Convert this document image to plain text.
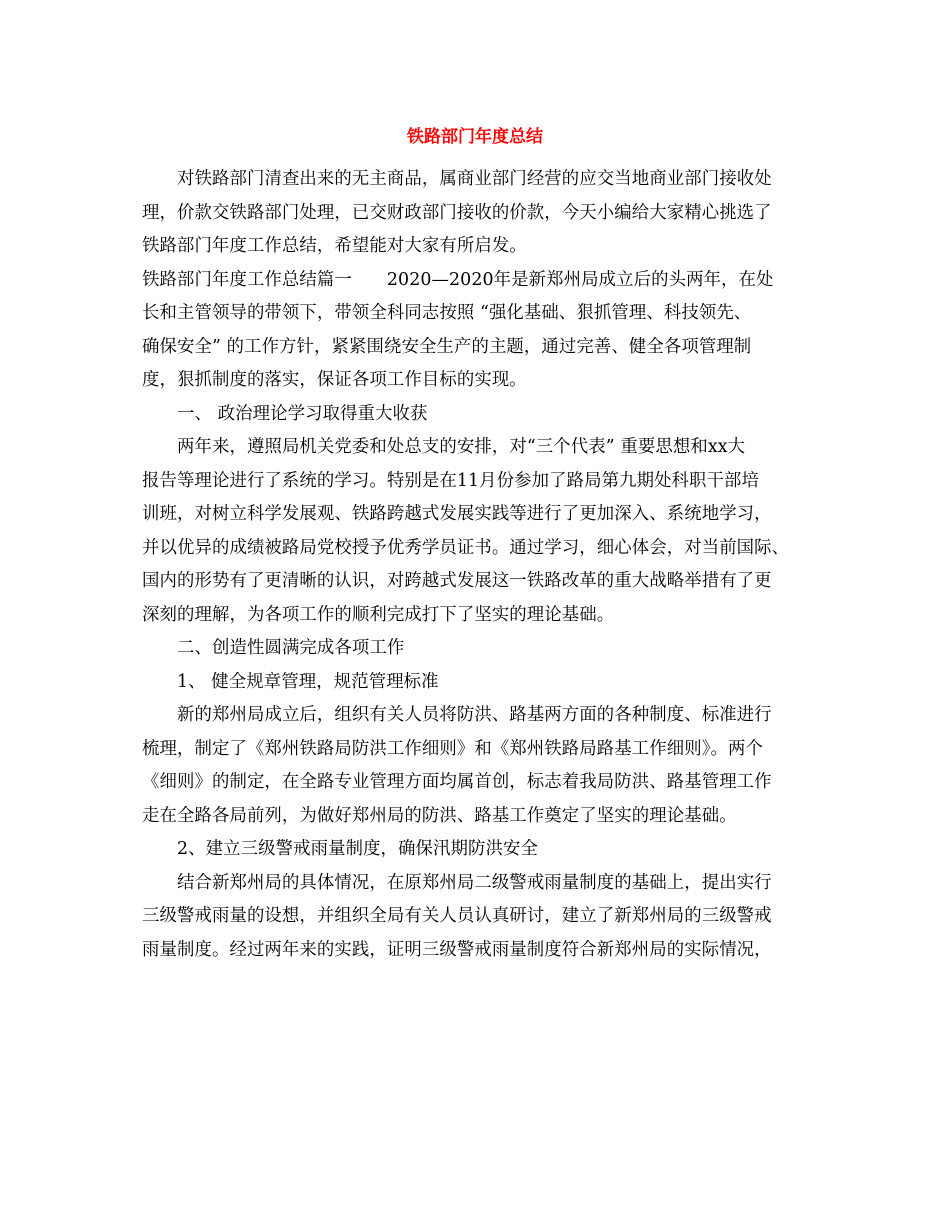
铁路部门年度总结
对铁路部门清查出来的无主商品，属商业部门经营的应交当地商业部门接收处
理，价款交铁路部门处理，已交财政部门接收的价款，今天小编给大家精心挑选了
铁路部门年度工作总结，希望能对大家有所启发。
铁路部门年度工作总结篇一　　2020—2020年是新郑州局成立后的头两年，在处
长和主管领导的带领下，带领全科同志按照 “强化基础、狠抓管理、科技领先、
确保安全” 的工作方针，紧紧围绕安全生产的主题，通过完善、健全各项管理制
度，狠抓制度的落实，保证各项工作目标的实现。
一、 政治理论学习取得重大收获
两年来，遵照局机关党委和处总支的安排，对“三个代表” 重要思想和xx大
报告等理论进行了系统的学习。特别是在11月份参加了路局第九期处科职干部培
训班，对树立科学发展观、铁路跨越式发展实践等进行了更加深入、系统地学习，
并以优异的成绩被路局党校授予优秀学员证书。通过学习，细心体会，对当前国际、
国内的形势有了更清晰的认识，对跨越式发展这一铁路改革的重大战略举措有了更
深刻的理解，为各项工作的顺利完成打下了坚实的理论基础。
二、创造性圆满完成各项工作
1、 健全规章管理，规范管理标准
新的郑州局成立后，组织有关人员将防洪、路基两方面的各种制度、标准进行
梳理，制定了《郑州铁路局防洪工作细则》和《郑州铁路局路基工作细则》。两个
《细则》的制定，在全路专业管理方面均属首创，标志着我局防洪、路基管理工作
走在全路各局前列，为做好郑州局的防洪、路基工作奠定了坚实的理论基础。
2、建立三级警戒雨量制度，确保汛期防洪安全
结合新郑州局的具体情况，在原郑州局二级警戒雨量制度的基础上，提出实行
三级警戒雨量的设想，并组织全局有关人员认真研讨，建立了新郑州局的三级警戒
雨量制度。经过两年来的实践，证明三级警戒雨量制度符合新郑州局的实际情况，
